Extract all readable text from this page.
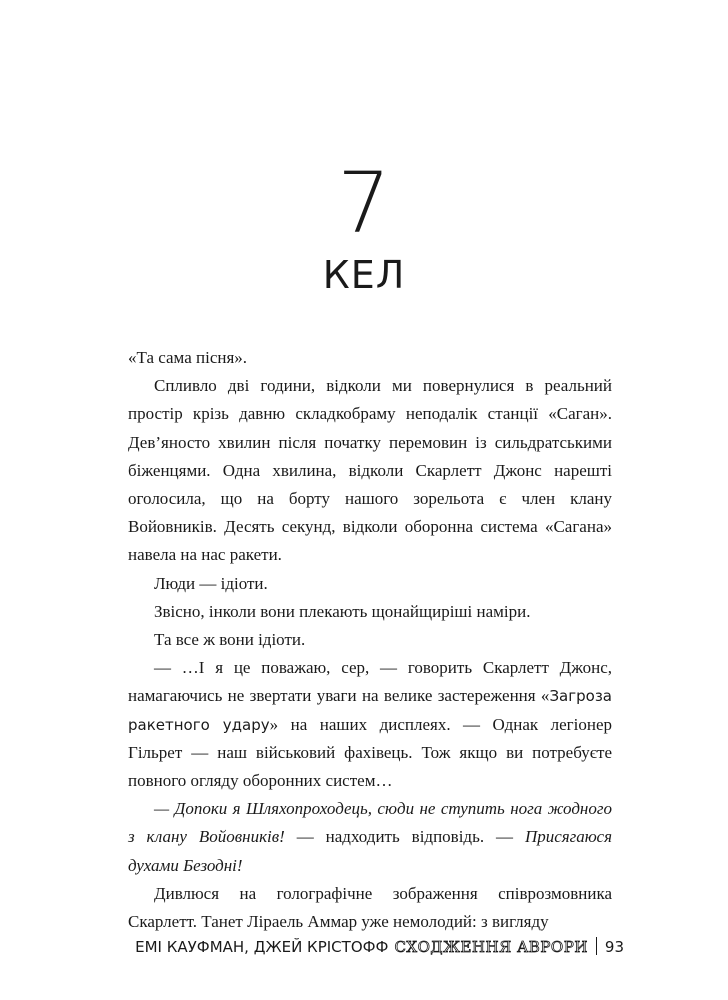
7
КЕЛ

«Та сама пісня».

Спливло дві години, відколи ми повернулися в реальний простір крізь давню складкобраму неподалік станції «Саган». Дев’яносто хвилин після початку перемовин із сильдратськими біженцями. Одна хвилина, відколи Скарлетт Джонс нарешті оголосила, що на борту нашого зорельота є член клану Войовників. Десять секунд, відколи оборонна система «Сагана» навела на нас ракети.

Люди — ідіоти.

Звісно, інколи вони плекають щонайщиріші наміри.

Та все ж вони ідіоти.

— …І я це поважаю, сер, — говорить Скарлетт Джонс, намагаючись не звертати уваги на велике застереження «Загроза ракетного удару» на наших дисплеях. — Однак легіонер Гільрет — наш військовий фахівець. Тож якщо ви потребуєте повного огляду оборонних систем…

— Допоки я Шляхопроходець, сюди не ступить нога жодного з клану Войовників! — надходить відповідь. — Присягаюся духами Безодні!

Дивлюся на голографічне зображення співрозмовника Скарлетт. Танет Ліраель Аммар уже немолодий: з вигляду

ЕМІ КАУФМАН, ДЖЕЙ КРІСТОФФ СХОДЖЕННЯ АВРОРИ 93
